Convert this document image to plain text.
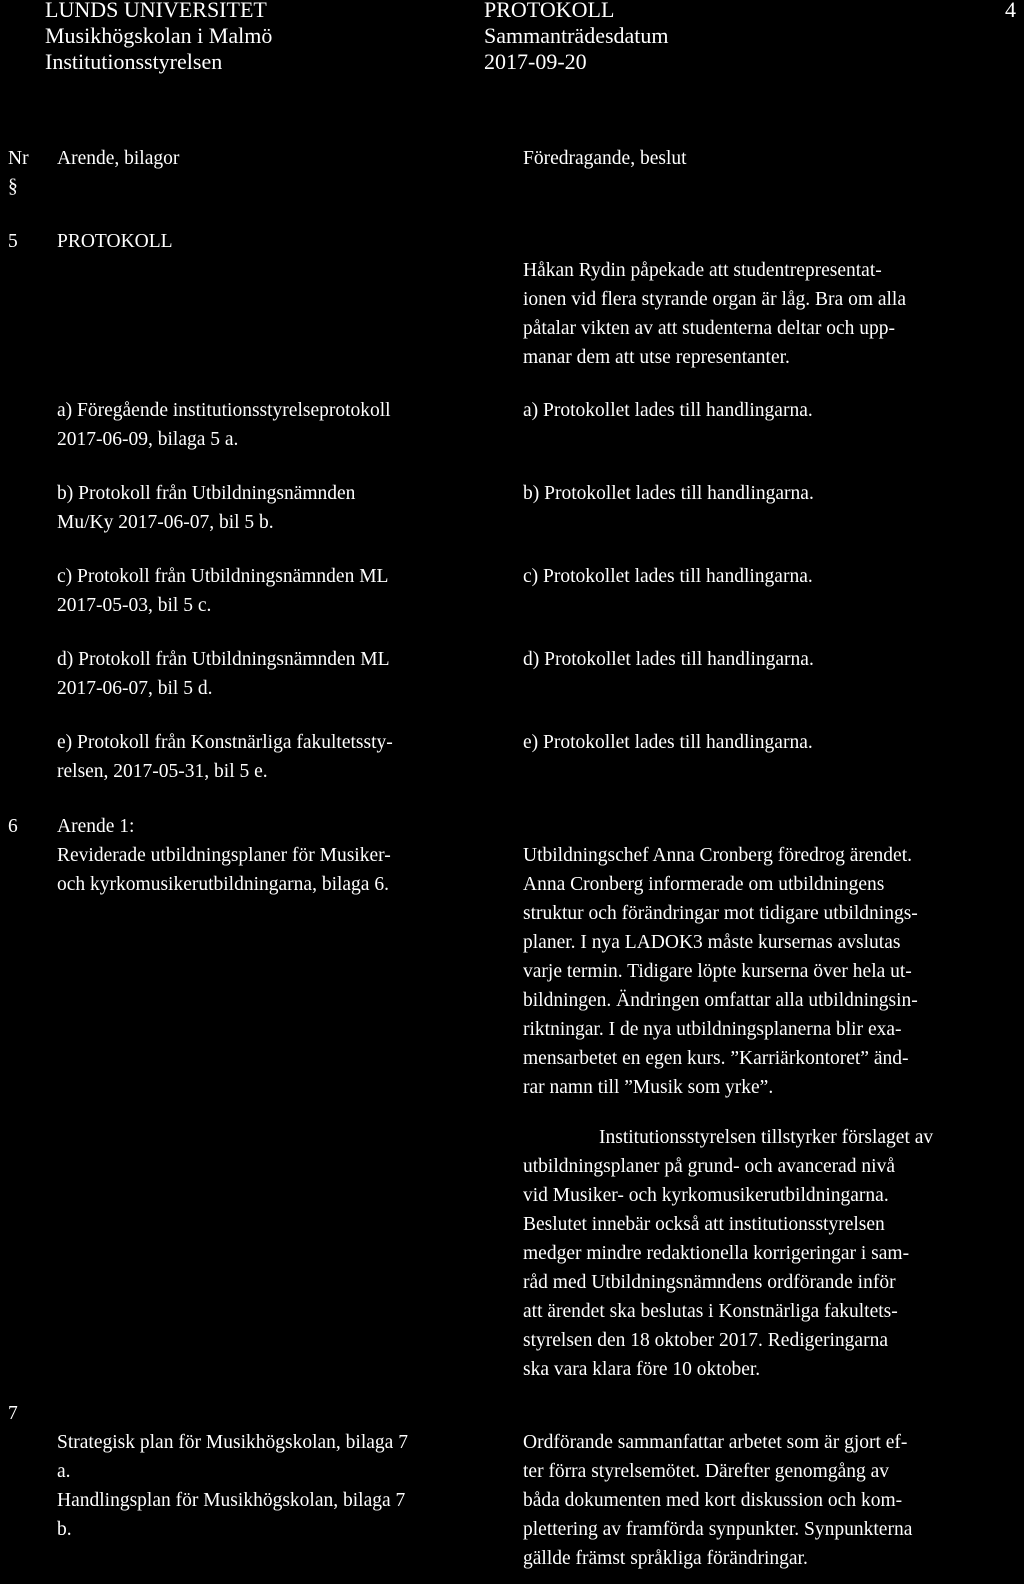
LUNDS UNIVERSITET
Musikhögskolan i Malmö
Institutionsstyrelsen
PROTOKOLL
Sammanträdesdatum
2017-09-20
4
Nr
§
Arende, bilagor	Föredragande, beslut
5 PROTOKOLL
Håkan Rydin påpekade att studentrepresentat-
ionen vid flera styrande organ är låg. Bra om alla
påtalar vikten av att studenterna deltar och upp-
manar dem att utse representanter.
a) Föregående institutionsstyrelseprotokoll
2017-06-09, bilaga 5 a.
a) Protokollet lades till handlingarna.
b) Protokoll från Utbildningsnämnden
Mu/Ky 2017-06-07, bil 5 b.
b) Protokollet lades till handlingarna.
c) Protokoll från Utbildningsnämnden ML
2017-05-03, bil 5 c.
c) Protokollet lades till handlingarna.
d) Protokoll från Utbildningsnämnden ML
2017-06-07, bil 5 d.
d) Protokollet lades till handlingarna.
e) Protokoll från Konstnärliga fakultetssty-
relsen, 2017-05-31, bil 5 e.
e) Protokollet lades till handlingarna.
6 Arende 1:
Reviderade utbildningsplaner för Musiker-
och kyrkomusikerutbildningarna, bilaga 6.
Utbildningschef Anna Cronberg föredrog ärendet.
Anna Cronberg informerade om utbildningens
struktur och förändringar mot tidigare utbildnings-
planer. I nya LADOK3 måste kursernas avslutas
varje termin. Tidigare löpte kurserna över hela ut-
bildningen. Ändringen omfattar alla utbildningsin-
riktningar. I de nya utbildningsplanerna blir exa-
mensarbetet en egen kurs. ”Karriärkontoret” änd-
rar namn till ”Musik som yrke”.
Institutionsstyrelsen tillstyrker förslaget av
utbildningsplaner på grund- och avancerad nivå
vid Musiker- och kyrkomusikerutbildningarna.
Beslutet innebär också att institutionsstyrelsen
medger mindre redaktionella korrigeringar i sam-
råd med Utbildningsnämndens ordförande inför
att ärendet ska beslutas i Konstnärliga fakultets-
styrelsen den 18 oktober 2017. Redigeringarna
ska vara klara före 10 oktober.
7
Strategisk plan för Musikhögskolan, bilaga 7
a.
Handlingsplan för Musikhögskolan, bilaga 7
b.
Ordförande sammanfattar arbetet som är gjort ef-
ter förra styrelsemötet. Därefter genomgång av
båda dokumenten med kort diskussion och kom-
plettering av framförda synpunkter. Synpunkterna
gällde främst språkliga förändringar.
